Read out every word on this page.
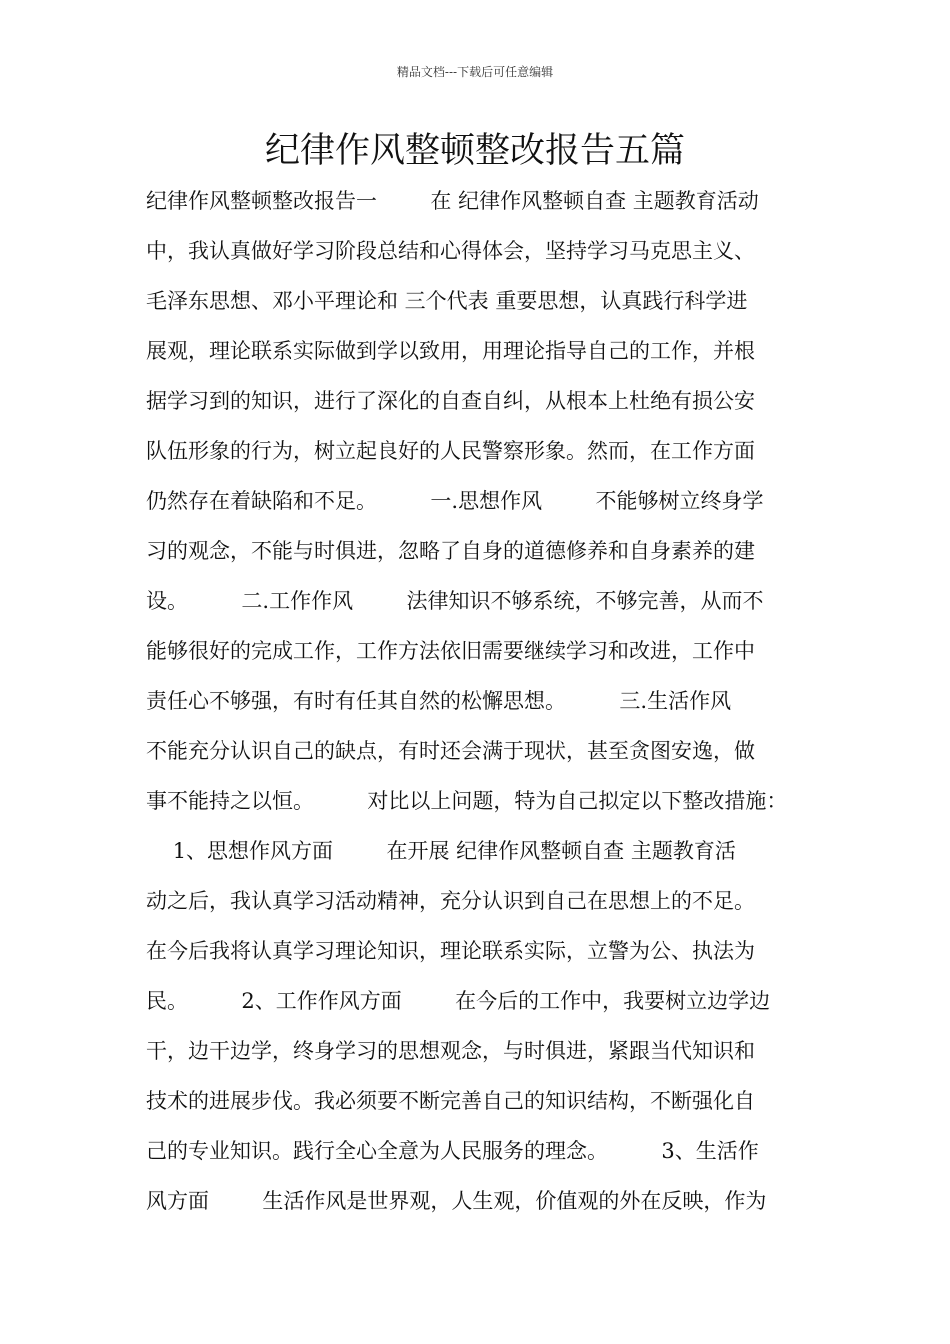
精品文档---下载后可任意编辑
纪律作风整顿整改报告五篇
纪律作风整顿整改报告一        在 纪律作风整顿自查 主题教育活动
中，我认真做好学习阶段总结和心得体会，坚持学习马克思主义、
毛泽东思想、邓小平理论和 三个代表 重要思想，认真践行科学进
展观，理论联系实际做到学以致用，用理论指导自己的工作，并根
据学习到的知识，进行了深化的自查自纠，从根本上杜绝有损公安
队伍形象的行为，树立起良好的人民警察形象。然而，在工作方面
仍然存在着缺陷和不足。        一.思想作风        不能够树立终身学
习的观念，不能与时俱进，忽略了自身的道德修养和自身素养的建
设。        二.工作作风        法律知识不够系统，不够完善，从而不
能够很好的完成工作，工作方法依旧需要继续学习和改进，工作中
责任心不够强，有时有任其自然的松懈思想。        三.生活作风
不能充分认识自己的缺点，有时还会满于现状，甚至贪图安逸，做
事不能持之以恒。        对比以上问题，特为自己拟定以下整改措施：
1、思想作风方面        在开展 纪律作风整顿自查 主题教育活
动之后，我认真学习活动精神，充分认识到自己在思想上的不足。
在今后我将认真学习理论知识，理论联系实际，立警为公、执法为
民。        2、工作作风方面        在今后的工作中，我要树立边学边
干，边干边学，终身学习的思想观念，与时俱进，紧跟当代知识和
技术的进展步伐。我必须要不断完善自己的知识结构，不断强化自
己的专业知识。践行全心全意为人民服务的理念。        3、生活作
风方面        生活作风是世界观，人生观，价值观的外在反映，作为
